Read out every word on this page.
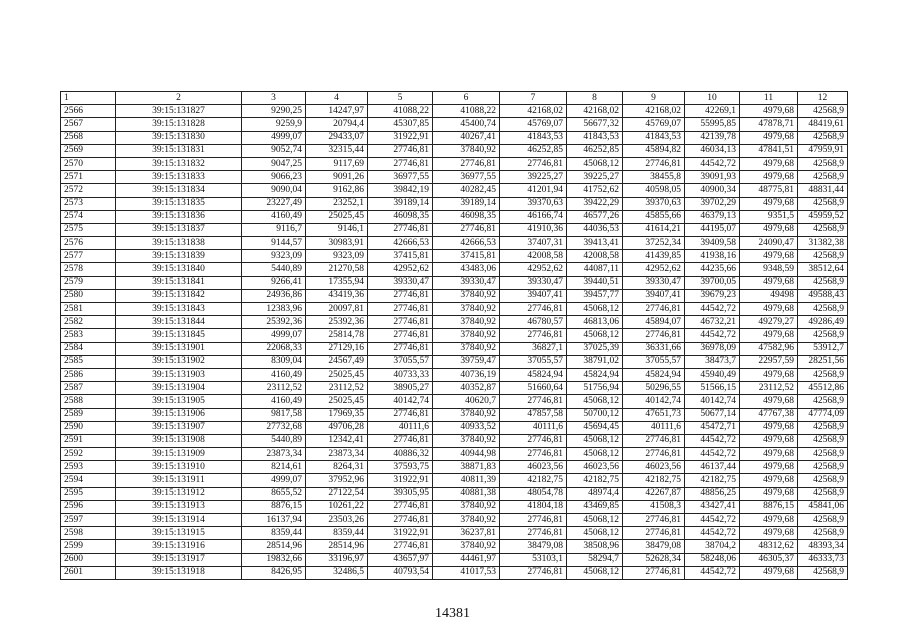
1	2	3	4	5	6	7	8	9	10	11	12
2566	39:15:131827	9290,25	14247,97	41088,22	41088,22	42168,02	42168,02	42168,02	42269,1	4979,68	42568,9
2567	39:15:131828	9259,9	20794,4	45307,85	45400,74	45769,07	56677,32	45769,07	55995,85	47878,71	48419,61
2568	39:15:131830	4999,07	29433,07	31922,91	40267,41	41843,53	41843,53	41843,53	42139,78	4979,68	42568,9
2569	39:15:131831	9052,74	32315,44	27746,81	37840,92	46252,85	46252,85	45894,82	46034,13	47841,51	47959,91
2570	39:15:131832	9047,25	9117,69	27746,81	27746,81	27746,81	45068,12	27746,81	44542,72	4979,68	42568,9
2571	39:15:131833	9066,23	9091,26	36977,55	36977,55	39225,27	39225,27	38455,8	39091,93	4979,68	42568,9
2572	39:15:131834	9090,04	9162,86	39842,19	40282,45	41201,94	41752,62	40598,05	40900,34	48775,81	48831,44
2573	39:15:131835	23227,49	23252,1	39189,14	39189,14	39370,63	39422,29	39370,63	39702,29	4979,68	42568,9
2574	39:15:131836	4160,49	25025,45	46098,35	46098,35	46166,74	46577,26	45855,66	46379,13	9351,5	45959,52
2575	39:15:131837	9116,7	9146,1	27746,81	27746,81	41910,36	44036,53	41614,21	44195,07	4979,68	42568,9
2576	39:15:131838	9144,57	30983,91	42666,53	42666,53	37407,31	39413,41	37252,34	39409,58	24090,47	31382,38
2577	39:15:131839	9323,09	9323,09	37415,81	37415,81	42008,58	42008,58	41439,85	41938,16	4979,68	42568,9
2578	39:15:131840	5440,89	21270,58	42952,62	43483,06	42952,62	44087,11	42952,62	44235,66	9348,59	38512,64
2579	39:15:131841	9266,41	17355,94	39330,47	39330,47	39330,47	39440,51	39330,47	39700,05	4979,68	42568,9
2580	39:15:131842	24936,86	43419,36	27746,81	37840,92	39407,41	39457,77	39407,41	39679,23	49498	49588,43
2581	39:15:131843	12383,96	20097,81	27746,81	37840,92	27746,81	45068,12	27746,81	44542,72	4979,68	42568,9
2582	39:15:131844	25392,36	25392,36	27746,81	37840,92	46780,57	46813,06	45894,07	46732,21	49279,27	49286,49
2583	39:15:131845	4999,07	25814,78	27746,81	37840,92	27746,81	45068,12	27746,81	44542,72	4979,68	42568,9
2584	39:15:131901	22068,33	27129,16	27746,81	37840,92	36827,1	37025,39	36331,66	36978,09	47582,96	53912,7
2585	39:15:131902	8309,04	24567,49	37055,57	39759,47	37055,57	38791,02	37055,57	38473,7	22957,59	28251,56
2586	39:15:131903	4160,49	25025,45	40733,33	40736,19	45824,94	45824,94	45824,94	45940,49	4979,68	42568,9
2587	39:15:131904	23112,52	23112,52	38905,27	40352,87	51660,64	51756,94	50296,55	51566,15	23112,52	45512,86
2588	39:15:131905	4160,49	25025,45	40142,74	40620,7	27746,81	45068,12	40142,74	40142,74	4979,68	42568,9
2589	39:15:131906	9817,58	17969,35	27746,81	37840,92	47857,58	50700,12	47651,73	50677,14	47767,38	47774,09
2590	39:15:131907	27732,68	49706,28	40111,6	40933,52	40111,6	45694,45	40111,6	45472,71	4979,68	42568,9
2591	39:15:131908	5440,89	12342,41	27746,81	37840,92	27746,81	45068,12	27746,81	44542,72	4979,68	42568,9
2592	39:15:131909	23873,34	23873,34	40886,32	40944,98	27746,81	45068,12	27746,81	44542,72	4979,68	42568,9
2593	39:15:131910	8214,61	8264,31	37593,75	38871,83	46023,56	46023,56	46023,56	46137,44	4979,68	42568,9
2594	39:15:131911	4999,07	37952,96	31922,91	40811,39	42182,75	42182,75	42182,75	42182,75	4979,68	42568,9
2595	39:15:131912	8655,52	27122,54	39305,95	40881,38	48054,78	48974,4	42267,87	48856,25	4979,68	42568,9
2596	39:15:131913	8876,15	10261,22	27746,81	37840,92	41804,18	43469,85	41508,3	43427,41	8876,15	45841,06
2597	39:15:131914	16137,94	23503,26	27746,81	37840,92	27746,81	45068,12	27746,81	44542,72	4979,68	42568,9
2598	39:15:131915	8359,44	8359,44	31922,91	36237,81	27746,81	45068,12	27746,81	44542,72	4979,68	42568,9
2599	39:15:131916	28514,96	28514,96	27746,81	37840,92	38479,08	38508,96	38479,08	38704,2	48312,62	48393,34
2600	39:15:131917	19832,66	33196,97	43657,97	44461,97	53103,1	58294,7	52628,34	58248,06	46305,37	46333,73
2601	39:15:131918	8426,95	32486,5	40793,54	41017,53	27746,81	45068,12	27746,81	44542,72	4979,68	42568,9
14381
